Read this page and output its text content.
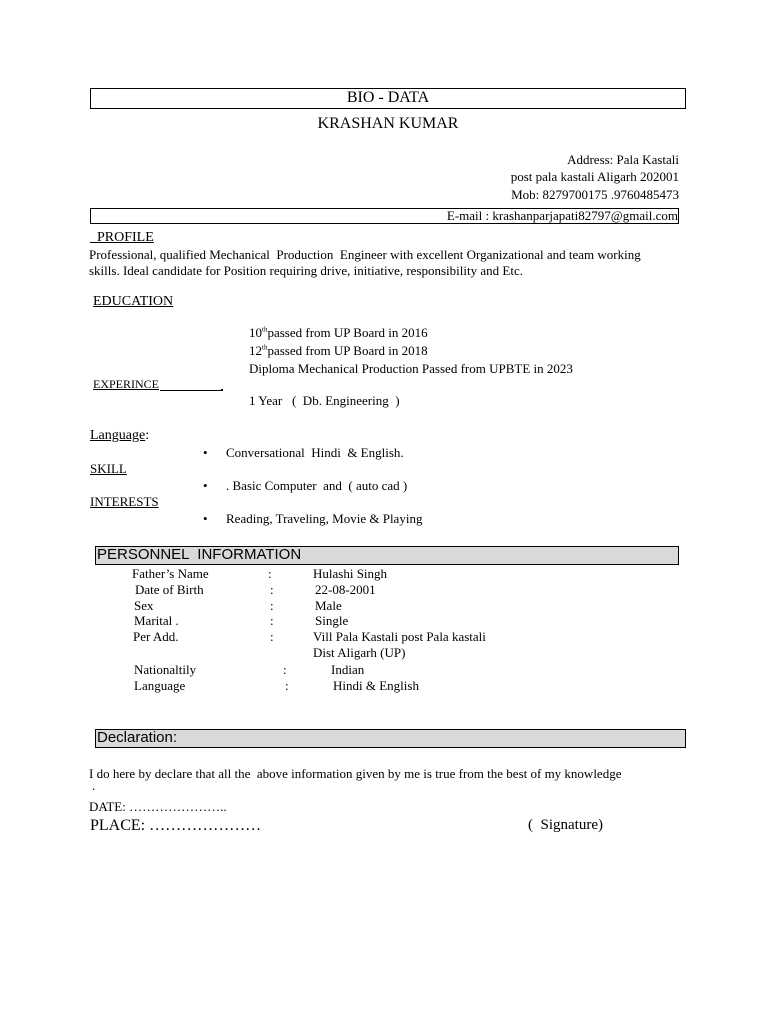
BIO - DATA
KRASHAN KUMAR
Address: Pala Kastali
post pala kastali Aligarh 202001
Mob: 8279700175 .9760485473
E-mail : krashanparjapati82797@gmail.com
PROFILE
Professional, qualified Mechanical  Production  Engineer with excellent Organizational and team working
skills. Ideal candidate for Position requiring drive, initiative, responsibility and Etc.
EDUCATION
10thpassed from UP Board in 2016
12thpassed from UP Board in 2018
Diploma Mechanical Production Passed from UPBTE in 2023
EXPERINCE
1 Year   (  Db. Engineering  )
Language:
• Conversational  Hindi  & English.
SKILL
• . Basic Computer  and  ( auto cad )
INTERESTS
• Reading, Traveling, Movie & Playing
PERSONNEL  INFORMATION
Father’s Name	:	Hulashi Singh
Date of Birth	:	22-08-2001
Sex	:	Male
Marital .	:	Single
Per Add.	:	Vill Pala Kastali post Pala kastali
Dist Aligarh (UP)
Nationaltily	:	Indian
Language	:	Hindi & English
Declaration:
I do here by declare that all the  above information given by me is true from the best of my knowledge
.
DATE: …………………..
PLACE: …………………	(  Signature)
